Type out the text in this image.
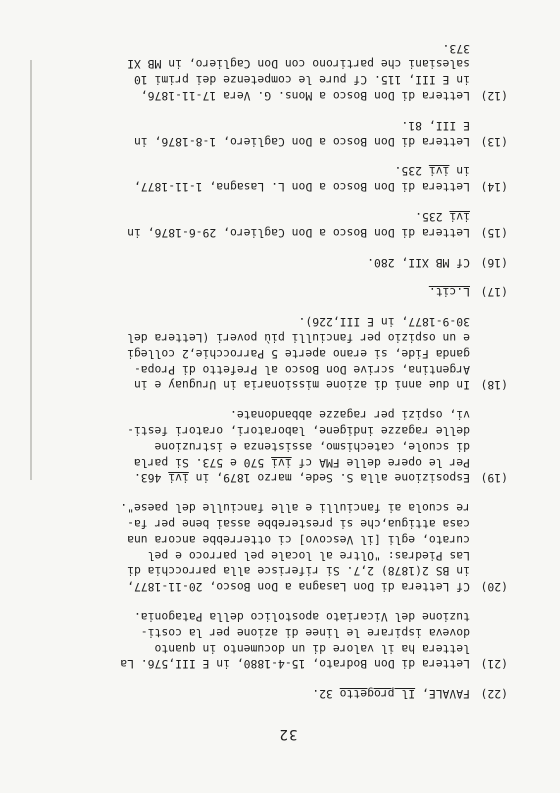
32
(22)
FAVALE, Il progetto 32.
(21)
Lettera di Don Bodrato, 15-4-1880, in E III,576. La
lettera ha il valore di un documento in quanto
doveva ispirare le linee di azione per la costi-
tuzione del Vicariato apostolico della Patagonia.
(20)
Cf Lettera di Don Lasagna a Don Bosco, 20-11-1877,
in BS 2(1878) 2,7. Si riferisce alla parrocchia di
Las Piedras: "Oltre al locale pel parroco e pel
curato, egli [il Vescovo] ci otterrebbe ancora una
casa attigua,che si presterebbe assai bene per fa-
re scuola ai fanciulli e alle fanciulle del paese".
(19)
Esposizione alla S. Sede, marzo 1879, in ivi 463.
Per le opere delle FMA cf ivi 570 e 573. Si parla
di scuole, catechismo, assistenza e istruzione
delle ragazze indigene, laboratori, oratori festi-
vi, ospizi per ragazze abbandonate.
(18)
In due anni di azione missionaria in Uruguay e in
Argentina, scrive Don Bosco al Prefetto di Propa-
ganda Fide, si erano aperte 5 Parrocchie,2 collegi
e un ospizio per fanciulli più poveri (Lettera del
30-9-1877, in E III,226).
(17)
L.cit.
(16)
Cf MB XII, 280.
(15)
Lettera di Don Bosco a Don Cagliero, 29-6-1876, in
ivi 235.
(14)
Lettera di Don Bosco a Don L. Lasagna, 1-11-1877,
in ivi 235.
(13)
Lettera di Don Bosco a Don Cagliero, 1-8-1876, in
E III, 81.
(12)
Lettera di Don Bosco a Mons. G. Vera 17-11-1876,
in E III, 115. Cf pure le competenze dei primi 10
salesiani che partirono con Don Cagliero, in MB XI
373.
